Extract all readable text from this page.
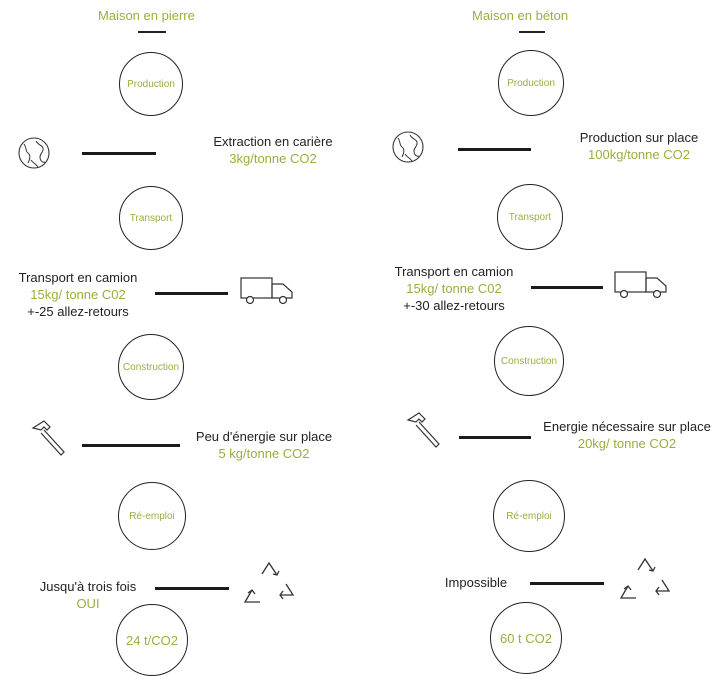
Maison en pierre
Production
Extraction en carière
3kg/tonne CO2
Transport
Transport en camion
15kg/ tonne C02
+-25 allez-retours
Construction
Peu d'énergie sur place
5 kg/tonne CO2
Ré-emploi
Jusqu'à trois fois
OUI
24 t/CO2
Maison en béton
Production
Production sur place
100kg/tonne CO2
Transport
Transport en camion
15kg/ tonne C02
+-30 allez-retours
Construction
Energie nécessaire sur place
20kg/ tonne CO2
Ré-emploi
Impossible
60 t CO2
